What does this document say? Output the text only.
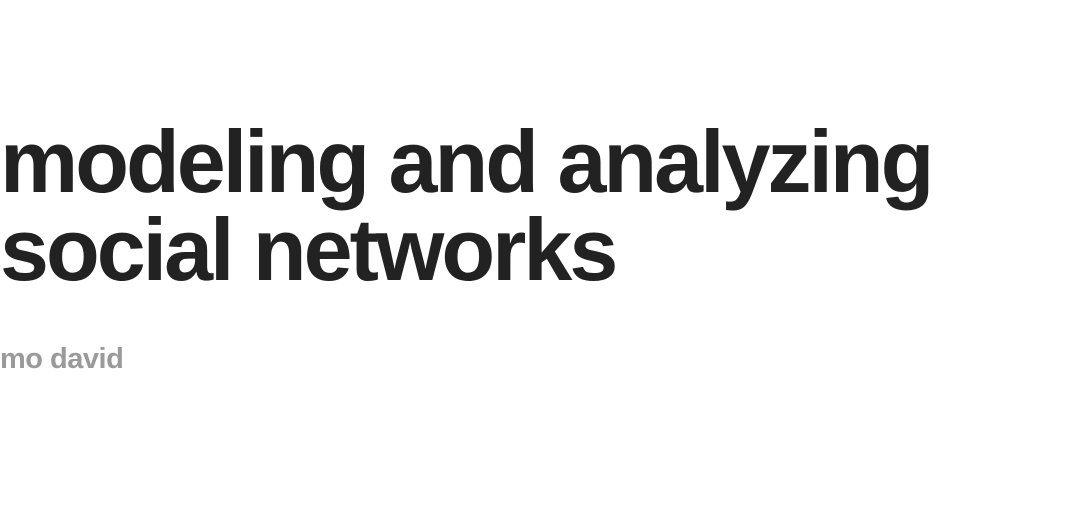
modeling and analyzing
social networks

mo david
